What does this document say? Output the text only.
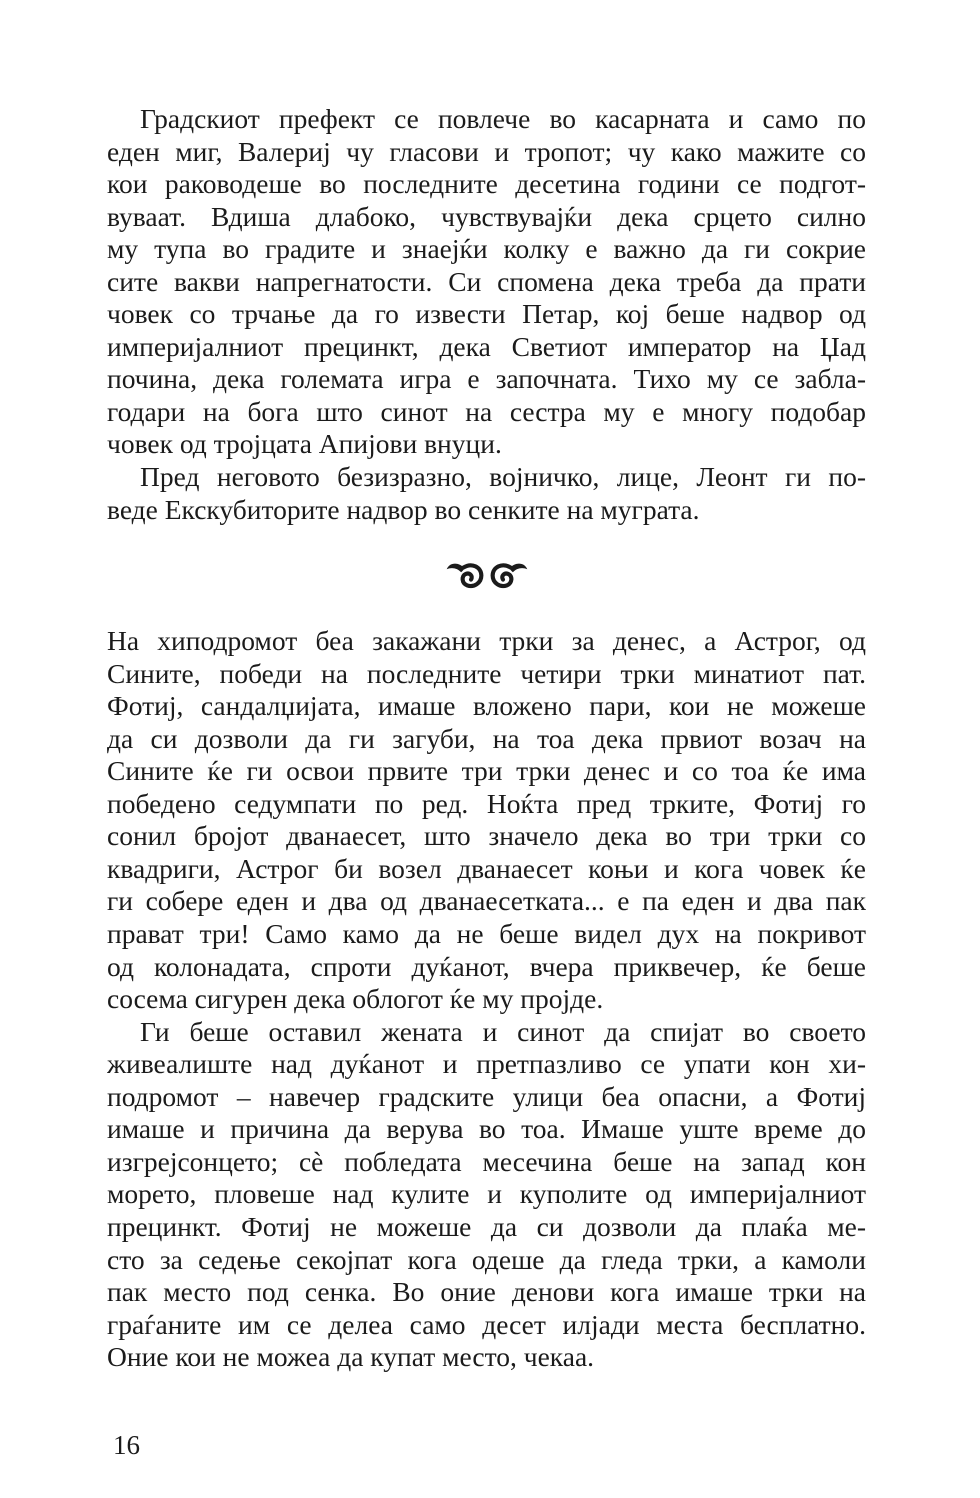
Градскиот префект се повлече во касарната и само по
еден миг, Валериј чу гласови и тропот; чу како мажите со
кои раководеше во последните десетина години се подгот-
вуваат. Вдиша длабоко, чувствувајќи дека срцето силно
му тупа во градите и знаејќи колку е важно да ги сокрие
сите вакви напрегнатости. Си спомена дека треба да прати
човек со трчање да го извести Петар, кој беше надвор од
империјалниот прецинкт, дека Светиот император на Џад
почина, дека големата игра е започната. Тихо му се забла-
годари на бога што синот на сестра му е многу подобар
човек од тројцата Апијови внуци.

Пред неговото безизразно, војничко, лице, Леонт ги по-
веде Екскубиторите надвор во сенките на муграта.

На хиподромот беа закажани трки за денес, а Астрог, од
Сините, победи на последните четири трки минатиот пат.
Фотиј, сандалџијата, имаше вложено пари, кои не можеше
да си дозволи да ги загуби, на тоа дека првиот возач на
Сините ќе ги освои првите три трки денес и со тоа ќе има
победено седумпати по ред. Ноќта пред трките, Фотиј го
сонил бројот дванаесет, што значело дека во три трки со
квадриги, Астрог би возел дванаесет коњи и кога човек ќе
ги собере еден и два од дванаесетката... е па еден и два пак
прават три! Само камо да не беше видел дух на покривот
од колонадата, спроти дуќанот, вчера приквечер, ќе беше
сосема сигурен дека облогот ќе му пројде.

Ги беше оставил жената и синот да спијат во своето
живеалиште над дуќанот и претпазливо се упати кон хи-
подромот – навечер градските улици беа опасни, а Фотиј
имаше и причина да верува во тоа. Имаше уште време до
изгрејсонцето; сè побледата месечина беше на запад кон
морето, пловеше над кулите и куполите од империјалниот
прецинкт. Фотиј не можеше да си дозволи да плаќа ме-
сто за седење секојпат кога одеше да гледа трки, а камоли
пак место под сенка. Во оние денови кога имаше трки на
граѓаните им се делеа само десет илјади места бесплатно.
Оние кои не можеа да купат место, чекаа.

16
